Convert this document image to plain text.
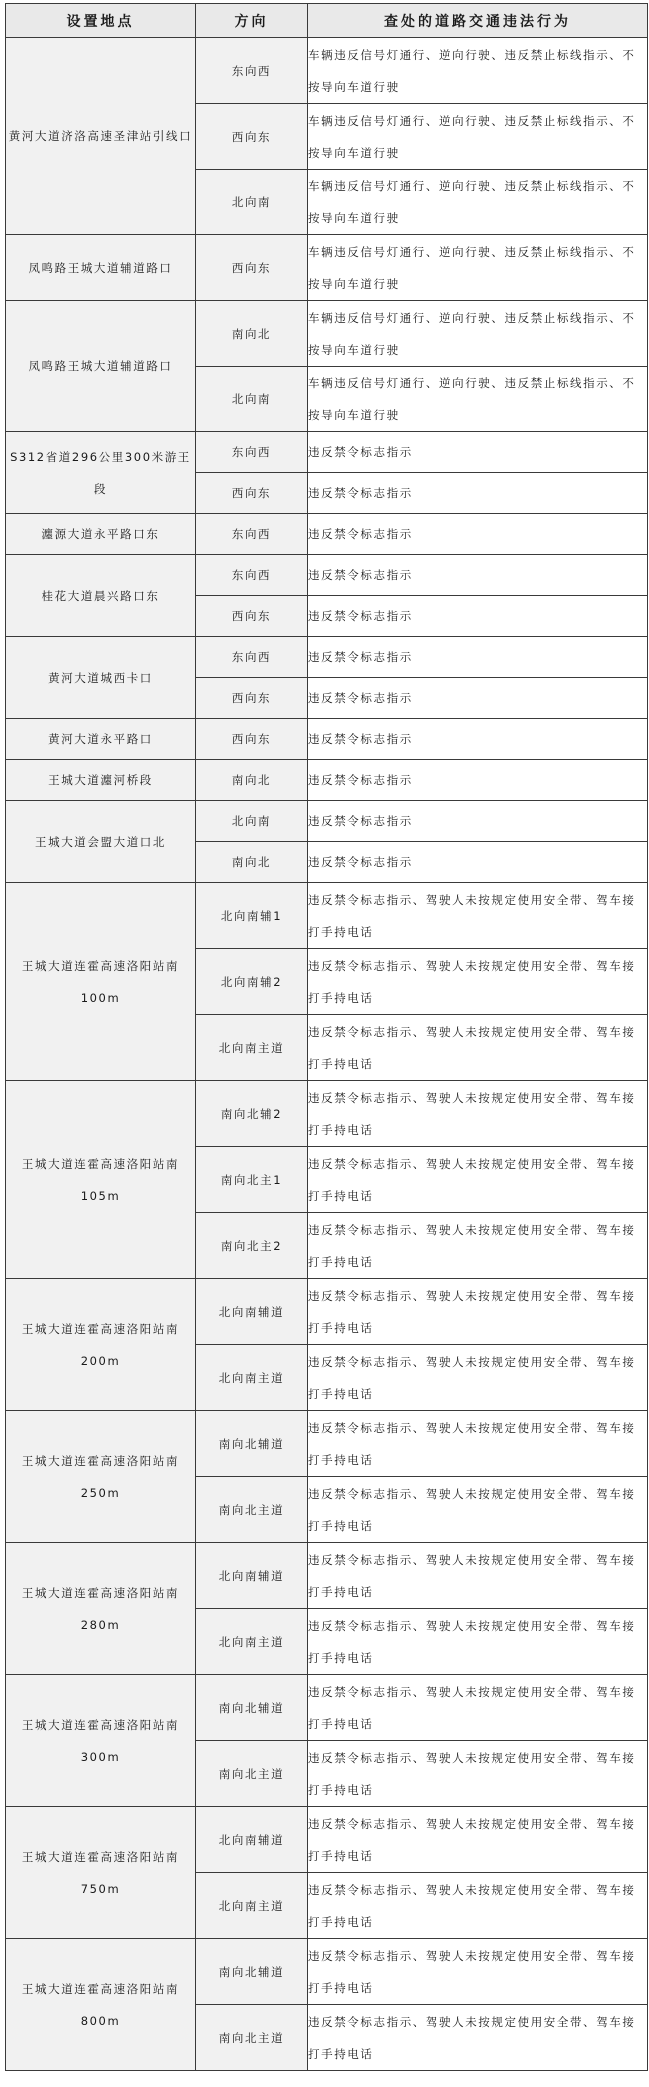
设置地点	方向	查处的道路交通违法行为
黄河大道济洛高速圣津站引线口	东向西	车辆违反信号灯通行、逆向行驶、违反禁止标线指示、不按导向车道行驶
	西向东	车辆违反信号灯通行、逆向行驶、违反禁止标线指示、不按导向车道行驶
	北向南	车辆违反信号灯通行、逆向行驶、违反禁止标线指示、不按导向车道行驶
凤鸣路王城大道辅道路口	西向东	车辆违反信号灯通行、逆向行驶、违反禁止标线指示、不按导向车道行驶
凤鸣路王城大道辅道路口	南向北	车辆违反信号灯通行、逆向行驶、违反禁止标线指示、不按导向车道行驶
	北向南	车辆违反信号灯通行、逆向行驶、违反禁止标线指示、不按导向车道行驶
S312省道296公里300米游王段	东向西	违反禁令标志指示
	西向东	违反禁令标志指示
瀍源大道永平路口东	东向西	违反禁令标志指示
桂花大道晨兴路口东	东向西	违反禁令标志指示
	西向东	违反禁令标志指示
黄河大道城西卡口	东向西	违反禁令标志指示
	西向东	违反禁令标志指示
黄河大道永平路口	西向东	违反禁令标志指示
王城大道瀍河桥段	南向北	违反禁令标志指示
王城大道会盟大道口北	北向南	违反禁令标志指示
	南向北	违反禁令标志指示
王城大道连霍高速洛阳站南100m	北向南辅1	违反禁令标志指示、驾驶人未按规定使用安全带、驾车接打手持电话
	北向南辅2	违反禁令标志指示、驾驶人未按规定使用安全带、驾车接打手持电话
	北向南主道	违反禁令标志指示、驾驶人未按规定使用安全带、驾车接打手持电话
王城大道连霍高速洛阳站南105m	南向北辅2	违反禁令标志指示、驾驶人未按规定使用安全带、驾车接打手持电话
	南向北主1	违反禁令标志指示、驾驶人未按规定使用安全带、驾车接打手持电话
	南向北主2	违反禁令标志指示、驾驶人未按规定使用安全带、驾车接打手持电话
王城大道连霍高速洛阳站南200m	北向南辅道	违反禁令标志指示、驾驶人未按规定使用安全带、驾车接打手持电话
	北向南主道	违反禁令标志指示、驾驶人未按规定使用安全带、驾车接打手持电话
王城大道连霍高速洛阳站南250m	南向北辅道	违反禁令标志指示、驾驶人未按规定使用安全带、驾车接打手持电话
	南向北主道	违反禁令标志指示、驾驶人未按规定使用安全带、驾车接打手持电话
王城大道连霍高速洛阳站南280m	北向南辅道	违反禁令标志指示、驾驶人未按规定使用安全带、驾车接打手持电话
	北向南主道	违反禁令标志指示、驾驶人未按规定使用安全带、驾车接打手持电话
王城大道连霍高速洛阳站南300m	南向北辅道	违反禁令标志指示、驾驶人未按规定使用安全带、驾车接打手持电话
	南向北主道	违反禁令标志指示、驾驶人未按规定使用安全带、驾车接打手持电话
王城大道连霍高速洛阳站南750m	北向南辅道	违反禁令标志指示、驾驶人未按规定使用安全带、驾车接打手持电话
	北向南主道	违反禁令标志指示、驾驶人未按规定使用安全带、驾车接打手持电话
王城大道连霍高速洛阳站南800m	南向北辅道	违反禁令标志指示、驾驶人未按规定使用安全带、驾车接打手持电话
	南向北主道	违反禁令标志指示、驾驶人未按规定使用安全带、驾车接打手持电话
